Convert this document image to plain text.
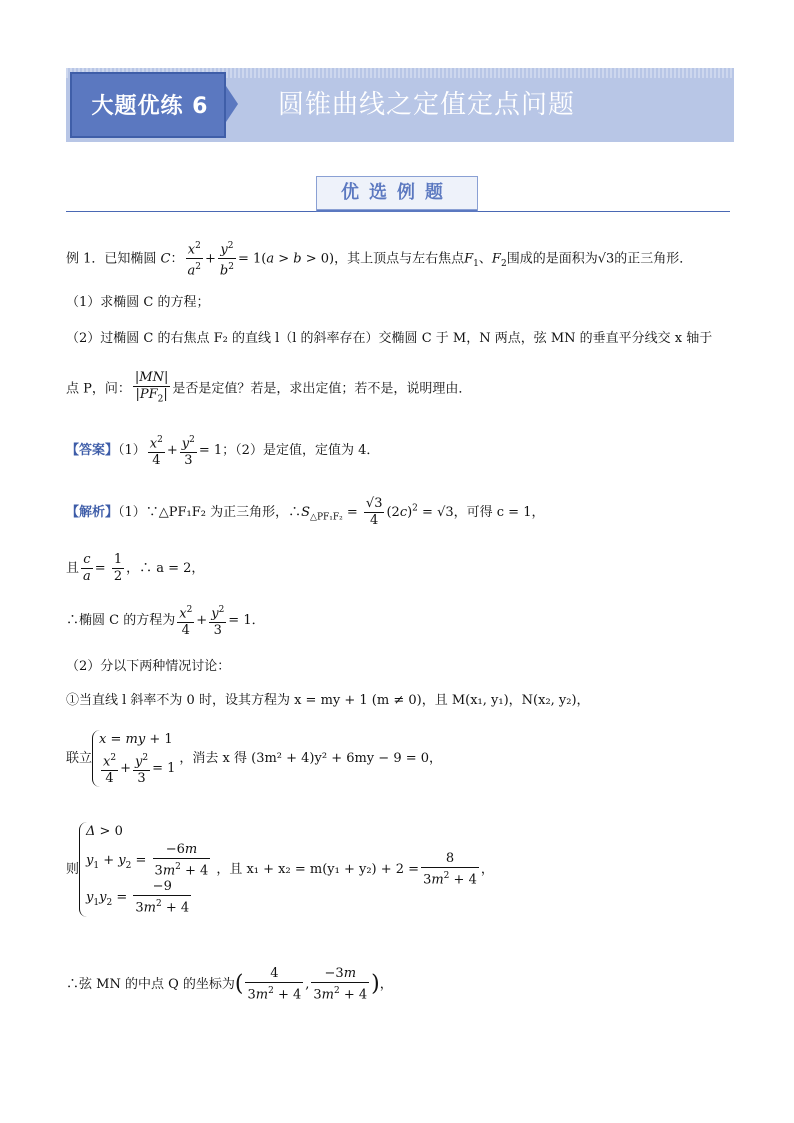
大题优练 6	圆锥曲线之定值定点问题
优选例题
例 1．已知椭圆 C： $\frac{x^2}{a^2} + \frac{y^2}{b^2} = 1(a > b > 0)$，其上顶点与左右焦点$F_1$、$F_2$围成的是面积为√3的正三角形．
（1）求椭圆 C 的方程；
（2）过椭圆 C 的右焦点 F₂ 的直线 l（l 的斜率存在）交椭圆 C 于 M，N 两点，弦 MN 的垂直平分线交 x 轴于
点 P，问： $\frac{|MN|}{|PF_2|}$ 是否是定值？若是，求出定值；若不是，说明理由．
【答案】$(1) \frac{x^2}{4} + \frac{y^2}{3} = 1$；（2）是定值，定值为 4．
【解析】（1）∵△PF₁F₂ 为正三角形，$\therefore S_{\triangle PF_1F_2} = \frac{√3}{4} (2c)^2 = √3$，可得 c = 1，
且 $\frac{c}{a} = \frac{1}{2}$ ，∴ a = 2，
∴椭圆 C 的方程为 $\frac{x^2}{4} + \frac{y^2}{3} = 1$．
（2）分以下两种情况讨论：
①当直线 l 斜率不为 0 时，设其方程为 x = my + 1 (m ≠ 0)，且 M(x₁, y₁)，N(x₂, y₂)，
联立
x = my + 1
$\frac{x^2}{4} + \frac{y^2}{3} = 1$
，消去 x 得 (3m² + 4)y² + 6my − 9 = 0，
则
Δ > 0
$y_1 + y_2 = \frac{-6m}{3m^2 + 4}$
$y_1y_2 = \frac{-9}{3m^2 + 4}$
，且 $x_1 + x_2 = m(y_1 + y_2) + 2 = \frac{8}{3m^2 + 4}$ ，
∴弦 MN 的中点 Q 的坐标为( $\frac{4}{3m^2 + 4}$ , $\frac{-3m}{3m^2 + 4}$ )，
